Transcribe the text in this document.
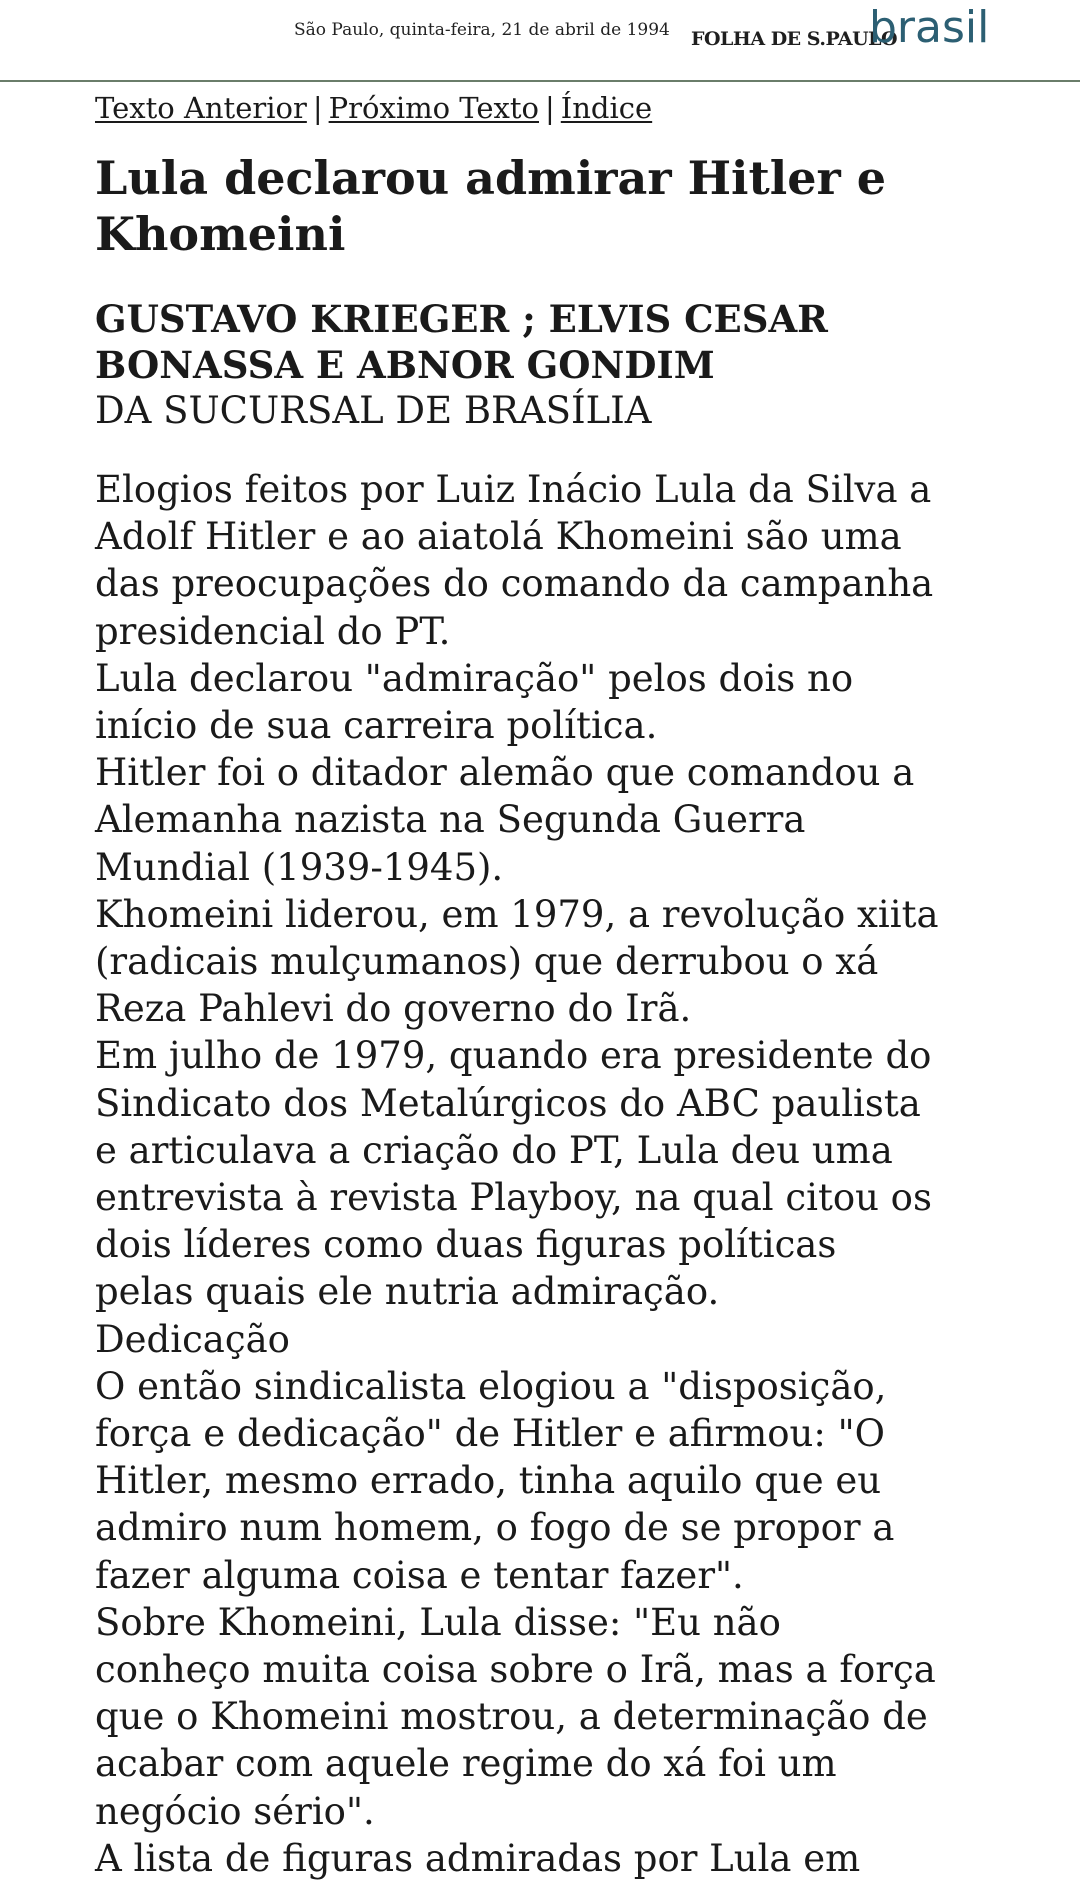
São Paulo, quinta-feira, 21 de abril de 1994 FOLHA DE S.PAULO
brasil
Texto Anterior | Próximo Texto | Índice
Lula declarou admirar Hitler e Khomeini
GUSTAVO KRIEGER ; ELVIS CESAR BONASSA E ABNOR GONDIM
DA SUCURSAL DE BRASÍLIA

Elogios feitos por Luiz Inácio Lula da Silva a Adolf Hitler e ao aiatolá Khomeini são uma das preocupações do comando da campanha presidencial do PT.

Lula declarou "admiração" pelos dois no início de sua carreira política.

Hitler foi o ditador alemão que comandou a Alemanha nazista na Segunda Guerra Mundial (1939-1945).

Khomeini liderou, em 1979, a revolução xiita (radicais mulçumanos) que derrubou o xá Reza Pahlevi do governo do Irã.

Em julho de 1979, quando era presidente do Sindicato dos Metalúrgicos do ABC paulista e articulava a criação do PT, Lula deu uma entrevista à revista Playboy, na qual citou os dois líderes como duas figuras políticas pelas quais ele nutria admiração.

Dedicação

O então sindicalista elogiou a "disposição, força e dedicação" de Hitler e afirmou: "O Hitler, mesmo errado, tinha aquilo que eu admiro num homem, o fogo de se propor a fazer alguma coisa e tentar fazer".

Sobre Khomeini, Lula disse: "Eu não conheço muita coisa sobre o Irã, mas a força que o Khomeini mostrou, a determinação de acabar com aquele regime do xá foi um negócio sério".

A lista de figuras admiradas por Lula em
